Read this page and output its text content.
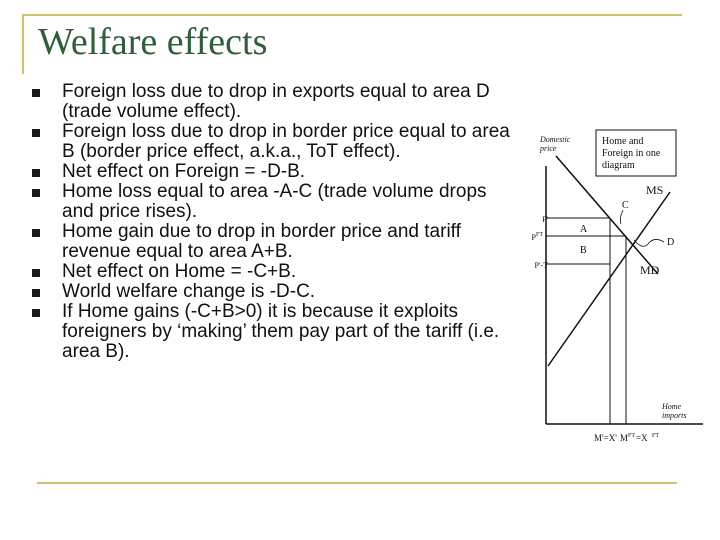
Welfare effects
Foreign loss due to drop in exports equal to area D (trade volume effect).
Foreign loss due to drop in border price equal to area B (border price effect, a.k.a., ToT effect).
Net effect on Foreign = -D-B.
Home loss equal to area -A-C (trade volume drops and price rises).
Home gain due to drop in border price and tariff revenue equal to area A+B.
Net effect on Home = -C+B.
World welfare change is -D-C.
If Home gains (-C+B>0) it is because it exploits foreigners by ‘making’ them pay part of the tariff (i.e. area B).
Domestic
price
Home and
Foreign in one
diagram
MS
MD
P'
P FT
P'-T
A
B
C
D
Home
imports
M'=X' M FT =X FT
